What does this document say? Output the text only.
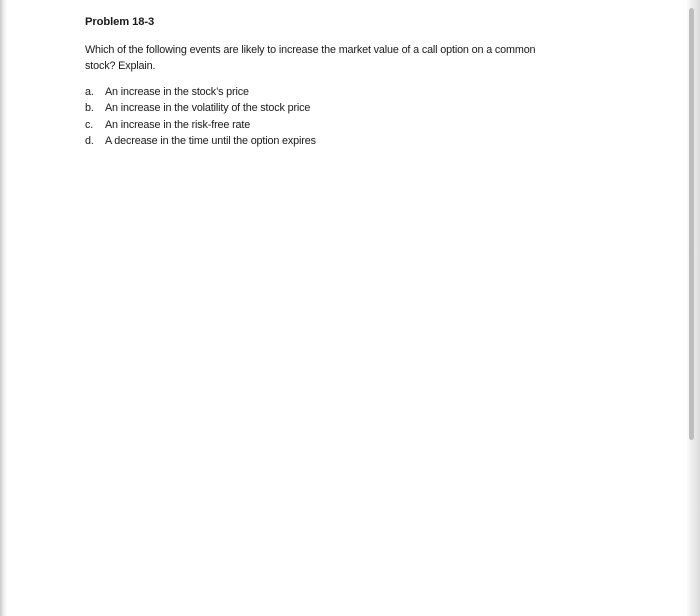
Problem 18-3

Which of the following events are likely to increase the market value of a call option on a common
stock? Explain.

a.	An increase in the stock’s price
b.	An increase in the volatility of the stock price
c.	An increase in the risk-free rate
d.	A decrease in the time until the option expires
